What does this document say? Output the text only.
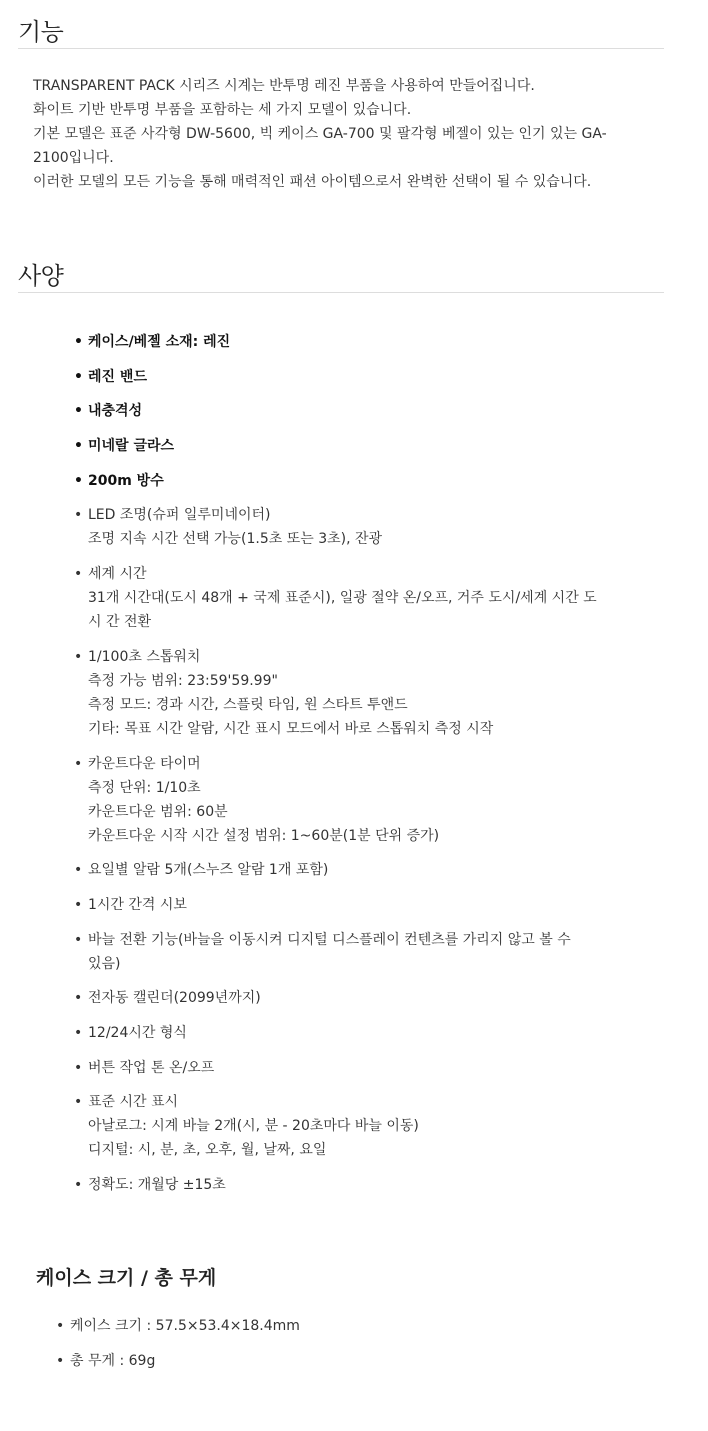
기능

TRANSPARENT PACK 시리즈 시계는 반투명 레진 부품을 사용하여 만들어집니다.

화이트 기반 반투명 부품을 포함하는 세 가지 모델이 있습니다.

기본 모델은 표준 사각형 DW-5600, 빅 케이스 GA-700 및 팔각형 베젤이 있는 인기 있는 GA-

2100입니다.

이러한 모델의 모든 기능을 통해 매력적인 패션 아이템으로서 완벽한 선택이 될 수 있습니다.

사양
• 케이스/베젤 소재: 레진
• 레진 밴드
• 내충격성
• 미네랄 글라스
• 200m 방수
• LED 조명(슈퍼 일루미네이터)
조명 지속 시간 선택 가능(1.5초 또는 3초), 잔광
• 세계 시간
31개 시간대(도시 48개 + 국제 표준시), 일광 절약 온/오프, 거주 도시/세계 시간 도
시 간 전환
• 1/100초 스톱워치
측정 가능 범위: 23:59'59.99"
측정 모드: 경과 시간, 스플릿 타임, 원 스타트 투앤드
기타: 목표 시간 알람, 시간 표시 모드에서 바로 스톱워치 측정 시작
• 카운트다운 타이머
측정 단위: 1/10초
카운트다운 범위: 60분
카운트다운 시작 시간 설정 범위: 1~60분(1분 단위 증가)
• 요일별 알람 5개(스누즈 알람 1개 포함)
• 1시간 간격 시보
• 바늘 전환 기능(바늘을 이동시켜 디지털 디스플레이 컨텐츠를 가리지 않고 볼 수
있음)
• 전자동 캘린더(2099년까지)
• 12/24시간 형식
• 버튼 작업 톤 온/오프
• 표준 시간 표시
아날로그: 시계 바늘 2개(시, 분 - 20초마다 바늘 이동)
디지털: 시, 분, 초, 오후, 월, 날짜, 요일
• 정확도: 개월당 ±15초
케이스 크기 / 총 무게
• 케이스 크기 : 57.5×53.4×18.4mm
• 총 무게 : 69g
